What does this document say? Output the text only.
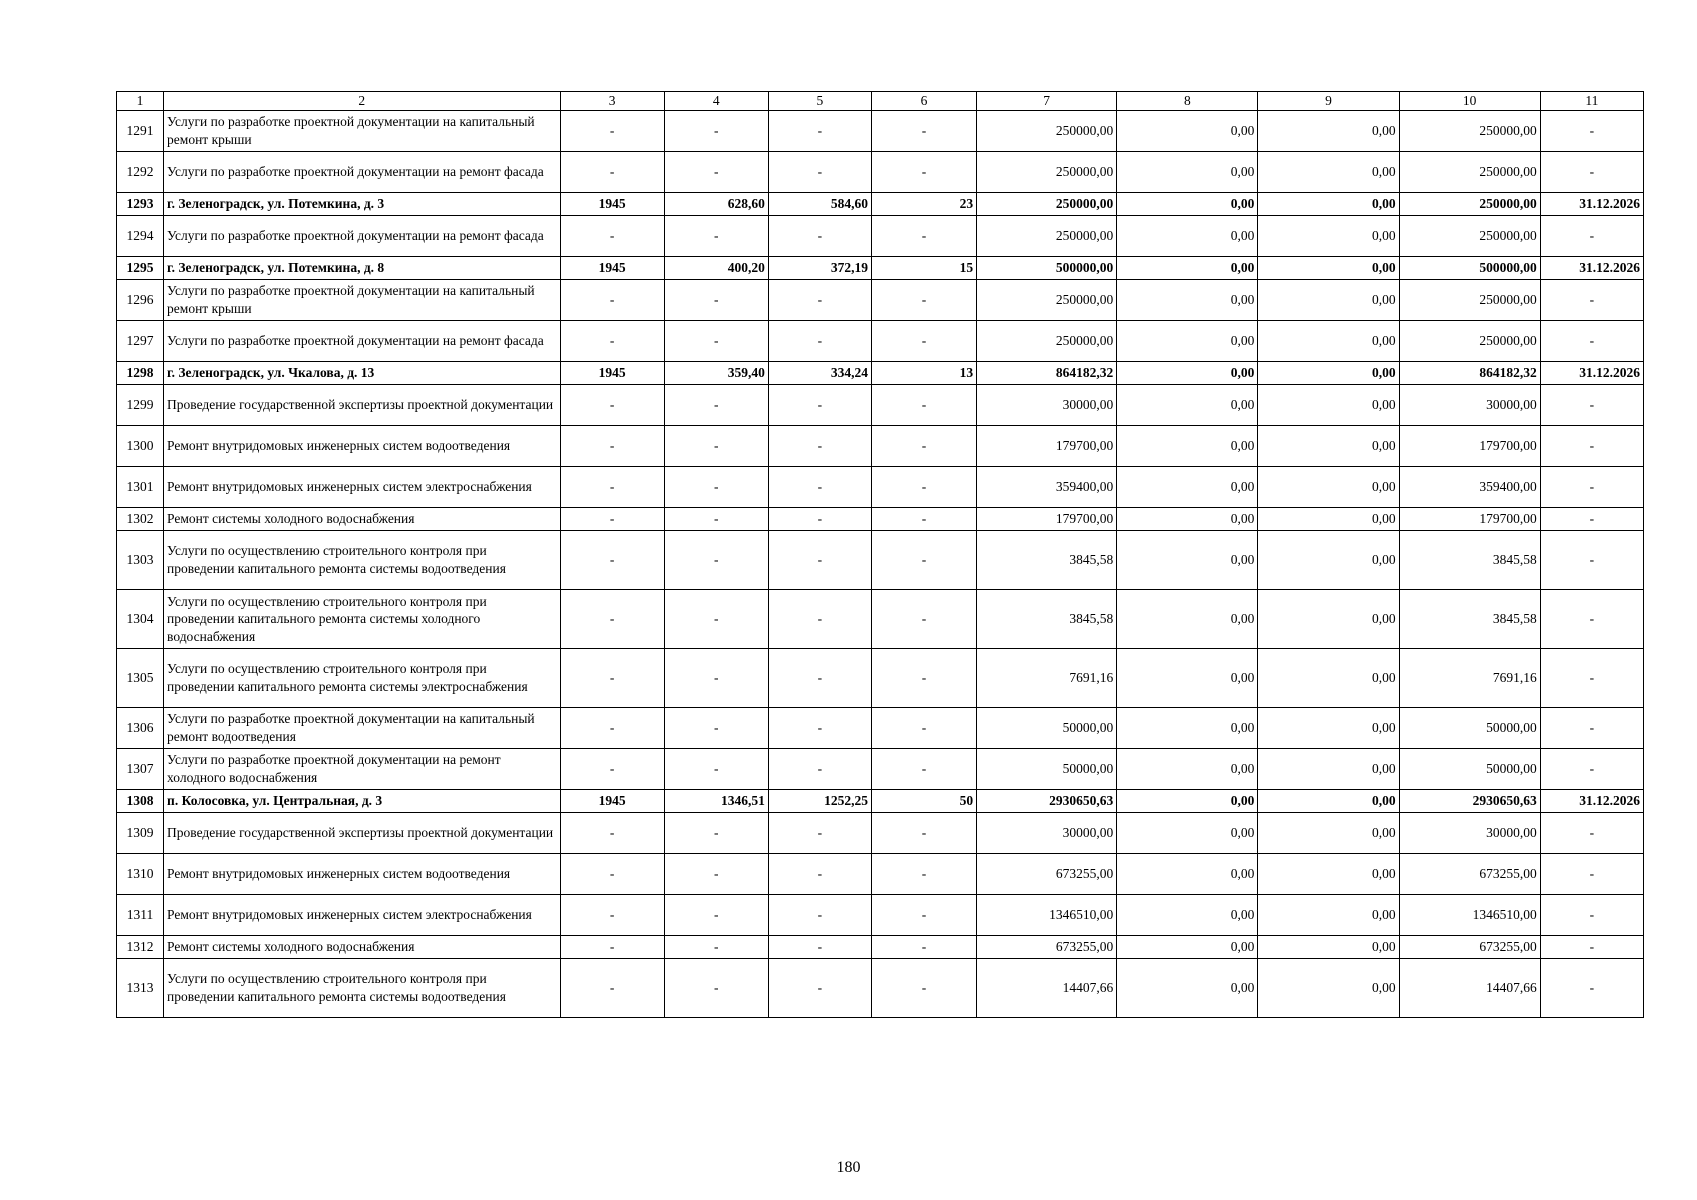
1	2	3	4	5	6	7	8	9	10	11
1291	Услуги по разработке проектной документации на капитальный ремонт крыши	-	-	-	-	250000,00	0,00	0,00	250000,00	-
1292	Услуги по разработке проектной документации на ремонт фасада	-	-	-	-	250000,00	0,00	0,00	250000,00	-
1293	г. Зеленоградск, ул. Потемкина, д. 3	1945	628,60	584,60	23	250000,00	0,00	0,00	250000,00	31.12.2026
1294	Услуги по разработке проектной документации на ремонт фасада	-	-	-	-	250000,00	0,00	0,00	250000,00	-
1295	г. Зеленоградск, ул. Потемкина, д. 8	1945	400,20	372,19	15	500000,00	0,00	0,00	500000,00	31.12.2026
1296	Услуги по разработке проектной документации на капитальный ремонт крыши	-	-	-	-	250000,00	0,00	0,00	250000,00	-
1297	Услуги по разработке проектной документации на ремонт фасада	-	-	-	-	250000,00	0,00	0,00	250000,00	-
1298	г. Зеленоградск, ул. Чкалова, д. 13	1945	359,40	334,24	13	864182,32	0,00	0,00	864182,32	31.12.2026
1299	Проведение государственной экспертизы проектной документации	-	-	-	-	30000,00	0,00	0,00	30000,00	-
1300	Ремонт внутридомовых инженерных систем водоотведения	-	-	-	-	179700,00	0,00	0,00	179700,00	-
1301	Ремонт внутридомовых инженерных систем электроснабжения	-	-	-	-	359400,00	0,00	0,00	359400,00	-
1302	Ремонт системы холодного водоснабжения	-	-	-	-	179700,00	0,00	0,00	179700,00	-
1303	Услуги по осуществлению строительного контроля при проведении капитального ремонта системы водоотведения	-	-	-	-	3845,58	0,00	0,00	3845,58	-
1304	Услуги по осуществлению строительного контроля при проведении капитального ремонта системы холодного водоснабжения	-	-	-	-	3845,58	0,00	0,00	3845,58	-
1305	Услуги по осуществлению строительного контроля при проведении капитального ремонта системы электроснабжения	-	-	-	-	7691,16	0,00	0,00	7691,16	-
1306	Услуги по разработке проектной документации на капитальный ремонт водоотведения	-	-	-	-	50000,00	0,00	0,00	50000,00	-
1307	Услуги по разработке проектной документации на ремонт холодного водоснабжения	-	-	-	-	50000,00	0,00	0,00	50000,00	-
1308	п. Колосовка, ул. Центральная, д. 3	1945	1346,51	1252,25	50	2930650,63	0,00	0,00	2930650,63	31.12.2026
1309	Проведение государственной экспертизы проектной документации	-	-	-	-	30000,00	0,00	0,00	30000,00	-
1310	Ремонт внутридомовых инженерных систем водоотведения	-	-	-	-	673255,00	0,00	0,00	673255,00	-
1311	Ремонт внутридомовых инженерных систем электроснабжения	-	-	-	-	1346510,00	0,00	0,00	1346510,00	-
1312	Ремонт системы холодного водоснабжения	-	-	-	-	673255,00	0,00	0,00	673255,00	-
1313	Услуги по осуществлению строительного контроля при проведении капитального ремонта системы водоотведения	-	-	-	-	14407,66	0,00	0,00	14407,66	-
180
